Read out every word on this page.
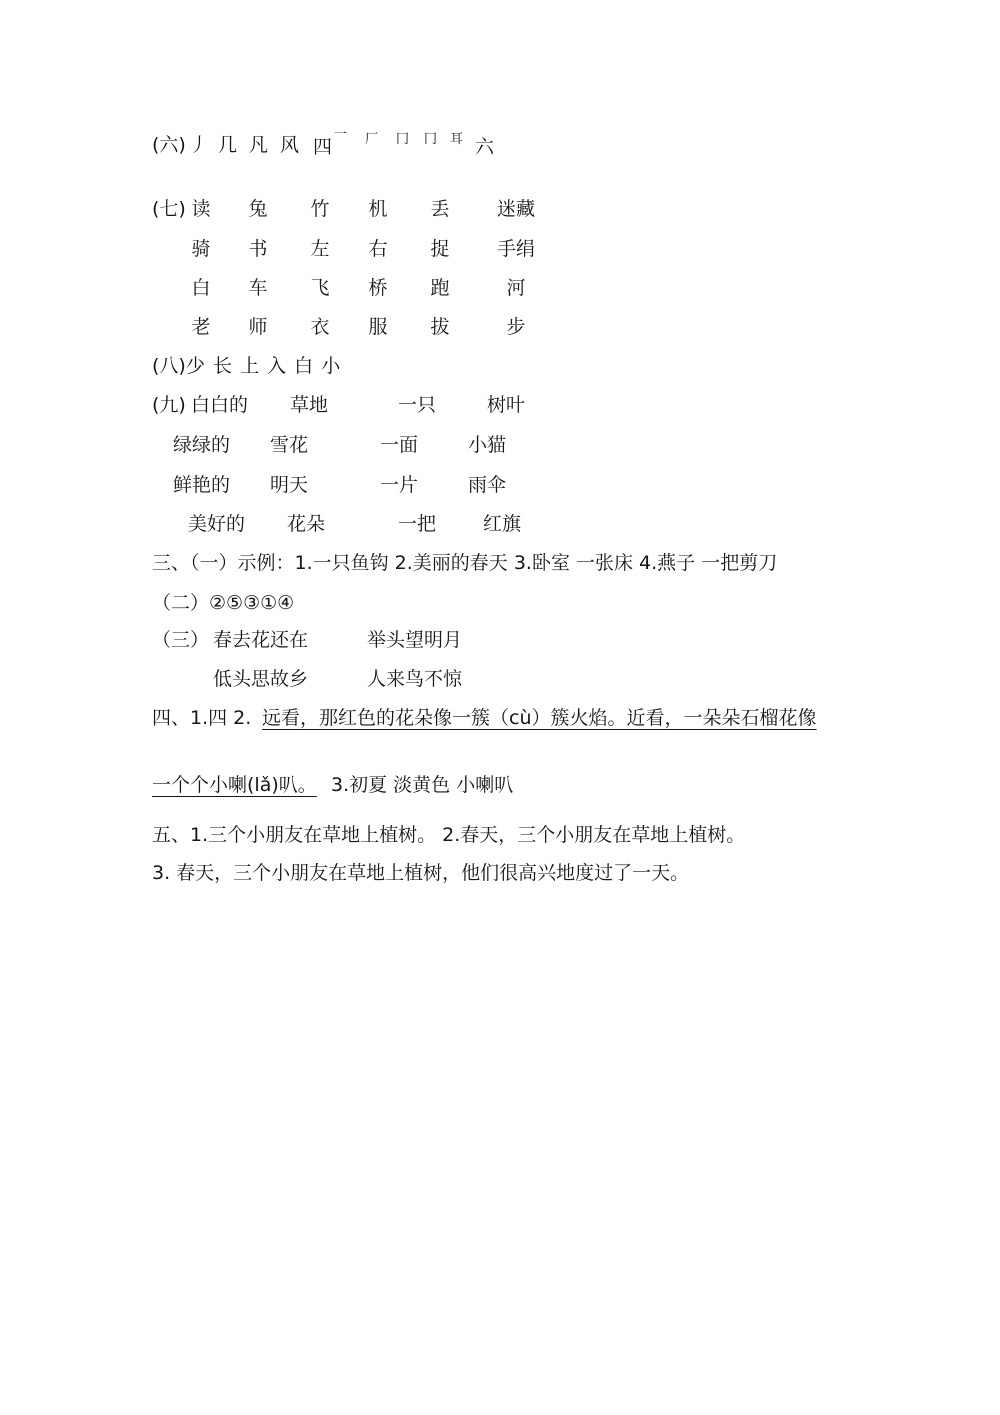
(六) 丿 几 凡 风 四
一 厂 冂 冂 耳 六
(七) 读	兔	竹	机	丢	迷藏
骑	书	左	右	捉	手绢
白	车	飞	桥	跑	河
老	师	衣	服	拔	步
(八) 少 长 上 入 白 小
(九) 白白的 草地	一只	树叶
绿绿的 雪花	一面	小猫
鲜艳的 明天	一片	雨伞
美好的 花朵	一把 红旗
三、（一）示例：1.一只鱼钩 2.美丽的春天 3.卧室 一张床 4.燕子 一把剪刀
（二）②⑤③①④
（三） 春去花还在	举头望明月
低头思故乡	人来鸟不惊
四、1.四 2. 远看，那红色的花朵像一簇（cù）簇火焰。近看，一朵朵石榴花像
一个个小喇(lǎ)叭。 3.初夏 淡黄色 小喇叭
五、1.三个小朋友在草地上植树。 2.春天，三个小朋友在草地上植树。
3. 春天，三个小朋友在草地上植树，他们很高兴地度过了一天。
